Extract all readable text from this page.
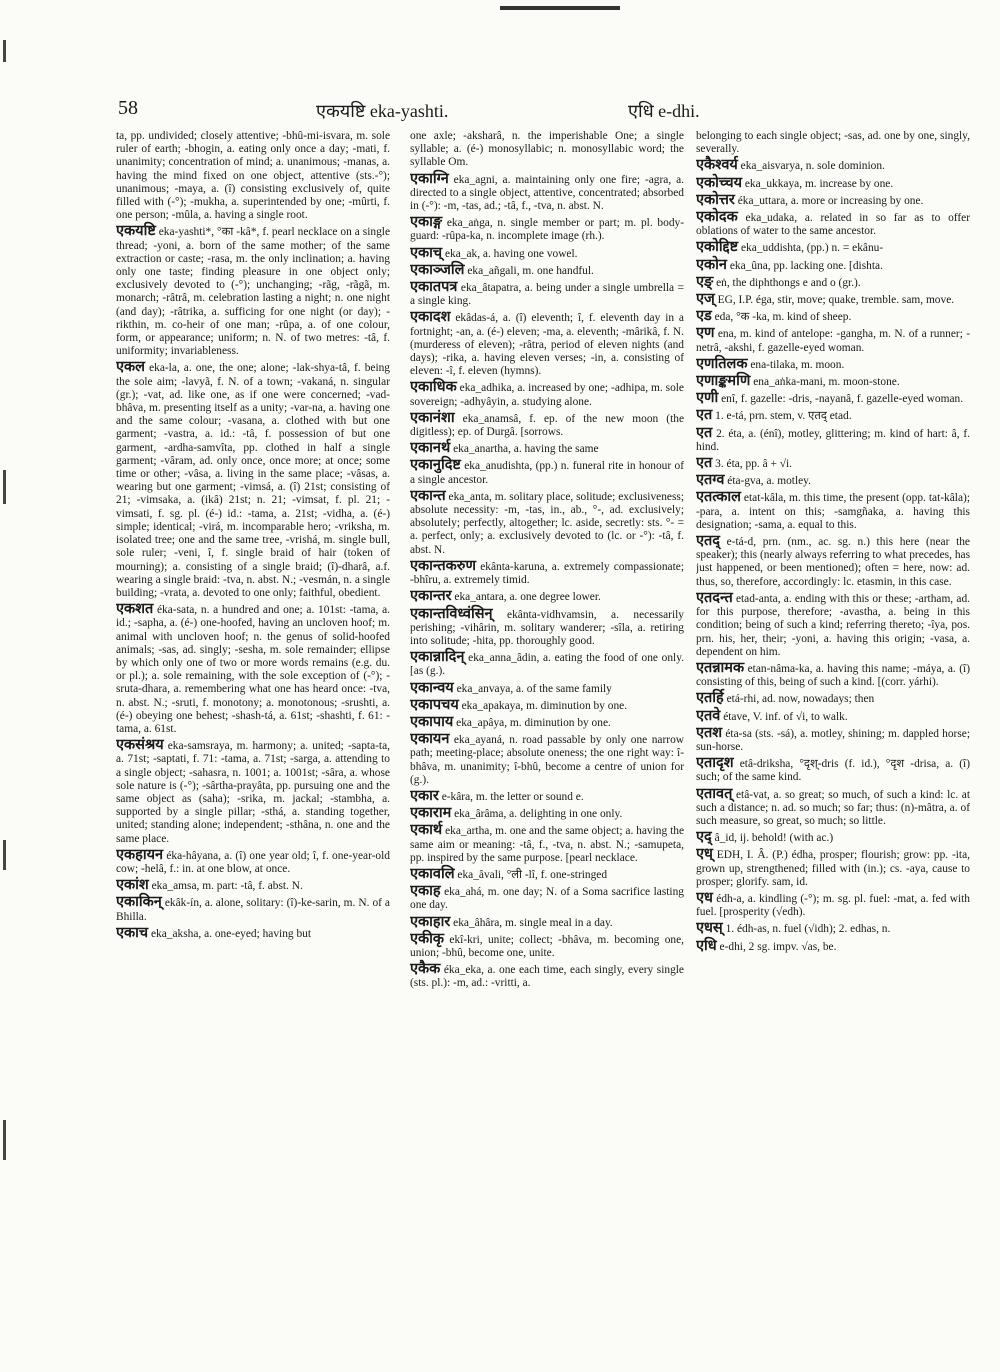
58	एकयष्टि eka-yashti.	एधि e-dhi.
ta, pp. undivided; closely attentive; -bhû-mi-isvara, m. sole ruler of earth; -bhogin, a. eating only once a day; -mati, f. unanimity; concentration of mind; a. unanimous; -manas, a. having the mind fixed on one object, attentive (sts.-°); unanimous; -maya, a. (î) consisting exclusively of, quite filled with (-°); -mukha, a. superintended by one; -mûrti, f. one person; -mûla, a. having a single root.
एकयष्टि eka-yashti*, °का -kâ*, f. pearl necklace on a single thread; -yoni, a. born of the same mother; of the same extraction or caste; -rasa, m. the only inclination; a. having only one taste; finding pleasure in one object only; exclusively devoted to (-°); unchanging; -rãg, -rãgã, m. monarch; -râtrâ, m. celebration lasting a night; n. one night (and day); -râtrika, a. sufficing for one night (or day); -rikthin, m. co-heir of one man; -rûpa, a. of one colour, form, or appearance; uniform; n. N. of two metres: -tâ, f. uniformity; invariableness.
एकल eka-la, a. one, the one; alone; -lak-shya-tâ, f. being the sole aim; -lavyã, f. N. of a town; -vakaná, n. singular (gr.); -vat, ad. like one, as if one were concerned; -vad-bhâva, m. presenting itself as a unity; -var-na, a. having one and the same colour; -vasana, a. clothed with but one garment; -vastra, a. id.: -tâ, f. possession of but one garment, -ardha-samvîta, pp. clothed in half a single garment; -vâram, ad. only once, once more; at once; some time or other; -vâsa, a. living in the same place; -vâsas, a. wearing but one garment; -vimsá, a. (î) 21st; consisting of 21; -vimsaka, a. (ikâ) 21st; n. 21; -vimsat, f. pl. 21; -vimsati, f. sg. pl. (é-) id.: -tama, a. 21st; -vidha, a. (é-) simple; identical; -virá, m. incomparable hero; -vriksha, m. isolated tree; one and the same tree, -vrishá, m. single bull, sole ruler; -veni, î, f. single braid of hair (token of mourning); a. consisting of a single braid; (î)-dharâ, a.f. wearing a single braid: -tva, n. abst. N.; -vesmán, n. a single building; -vrata, a. devoted to one only; faithful, obedient.
एकशत éka-sata, n. a hundred and one; a. 101st: -tama, a. id.; -sapha, a. (é-) one-hoofed, having an uncloven hoof; m. animal with uncloven hoof; n. the genus of solid-hoofed animals; -sas, ad. singly; -sesha, m. sole remainder; ellipse by which only one of two or more words remains (e.g. du. or pl.); a. sole remaining, with the sole exception of (-°); -sruta-dhara, a. remembering what one has heard once: -tva, n. abst. N.; -sruti, f. monotony; a. monotonous; -srushti, a. (é-) obeying one behest; -shash-tá, a. 61st; -shashti, f. 61: -tama, a. 61st.
एकसंश्रय eka-samsraya, m. harmony; a. united; -sapta-ta, a. 71st; -saptati, f. 71: -tama, a. 71st; -sarga, a. attending to a single object; -sahasra, n. 1001; a. 1001st; -sâra, a. whose sole nature is (-°); -sârtha-prayâta, pp. pursuing one and the same object as (saha); -srika, m. jackal; -stambha, a. supported by a single pillar; -sthá, a. standing together, united; standing alone; independent; -sthâna, n. one and the same place.
एकहायन éka-hâyana, a. (î) one year old; î, f. one-year-old cow; -helâ, f.: in. at one blow, at once.
एकांश eka_amsa, m. part: -tâ, f. abst. N.
एकाकिन् ekâk-ín, a. alone, solitary: (î)-ke-sarin, m. N. of a Bhilla.
एकाच eka_aksha, a. one-eyed; having but
one axle; -aksharâ, n. the imperishable One; a single syllable; a. (é-) monosyllabic; n. monosyllabic word; the syllable Om.
एकाग्नि eka_agni, a. maintaining only one fire; -agra, a. directed to a single object, attentive, concentrated; absorbed in (-°): -m, -tas, ad.; -tâ, f., -tva, n. abst. N.
एकाङ्ग eka_aṅga, n. single member or part; m. pl. body-guard: -rûpa-ka, n. incomplete image (rh.).
एकाच् eka_ak, a. having one vowel.
एकाञ्जलि eka_añgali, m. one handful.
एकातपत्र eka_âtapatra, a. being under a single umbrella = a single king.
एकादश ekâdas-á, a. (î) eleventh; î, f. eleventh day in a fortnight; -an, a. (é-) eleven; -ma, a. eleventh; -mârikâ, f. N. (murderess of eleven); -râtra, period of eleven nights (and days); -rika, a. having eleven verses; -in, a. consisting of eleven: -î, f. eleven (hymns).
एकाधिक eka_adhika, a. increased by one; -adhipa, m. sole sovereign; -adhyâyin, a. studying alone.
एकानंशा eka_anamsâ, f. ep. of the new moon (the digitless); ep. of Durgâ. [sorrows.
एकानर्थ eka_anartha, a. having the same
एकानुदिष्ट eka_anudishta, (pp.) n. funeral rite in honour of a single ancestor.
एकान्त eka_anta, m. solitary place, solitude; exclusiveness; absolute necessity: -m, -tas, in., ab., °-, ad. exclusively; absolutely; perfectly, altogether; lc. aside, secretly: sts. °- = a. perfect, only; a. exclusively devoted to (lc. or -°): -tâ, f. abst. N.
एकान्तकरुण ekânta-karuna, a. extremely compassionate; -bhîru, a. extremely timid.
एकान्तर eka_antara, a. one degree lower.
एकान्तविध्वंसिन् ekânta-vidhvamsin, a. necessarily perishing; -vihârin, m. solitary wanderer; -sîla, a. retiring into solitude; -hita, pp. thoroughly good.
एकान्नादिन् eka_anna_âdin, a. eating the food of one only. [as (g.).
एकान्वय eka_anvaya, a. of the same family
एकापचय eka_apakaya, m. diminution by one.
एकापाय eka_apâya, m. diminution by one.
एकायन eka_ayaná, n. road passable by only one narrow path; meeting-place; absolute oneness; the one right way: î-bhâva, m. unanimity; î-bhû, become a centre of union for (g.).
एकार e-kâra, m. the letter or sound e.
एकाराम eka_ârâma, a. delighting in one only.
एकार्थ eka_artha, m. one and the same object; a. having the same aim or meaning: -tâ, f., -tva, n. abst. N.; -samupeta, pp. inspired by the same purpose. [pearl necklace.
एकावलि eka_âvali, °ली -lî, f. one-stringed
एकाह eka_ahá, m. one day; N. of a Soma sacrifice lasting one day.
एकाहार eka_âhâra, m. single meal in a day.
एकीकृ ekî-kri, unite; collect; -bhâva, m. becoming one, union; -bhû, become one, unite.
एकैक éka_eka, a. one each time, each singly, every single (sts. pl.): -m, ad.: -vritti, a.
belonging to each single object; -sas, ad. one by one, singly, severally.
एकैश्वर्य eka_aisvarya, n. sole dominion.
एकोच्चय eka_ukkaya, m. increase by one.
एकोत्तर éka_uttara, a. more or increasing by one.
एकोदक eka_udaka, a. related in so far as to offer oblations of water to the same ancestor.
एकोद्दिष्ट eka_uddishta, (pp.) n. = ekânu-
एकोन eka_ûna, pp. lacking one. [dishta.
एङ् eṅ, the diphthongs e and o (gr.).
एज् EG, I.P. éga, stir, move; quake, tremble. sam, move.
एड eda, °क -ka, m. kind of sheep.
एण ena, m. kind of antelope: -gangha, m. N. of a runner; -netrâ, -akshi, f. gazelle-eyed woman.
एणतिलक ena-tilaka, m. moon.
एणाङ्कमणि ena_aṅka-mani, m. moon-stone.
एणी enî, f. gazelle: -dris, -nayanâ, f. gazelle-eyed woman.
एत 1. e-tá, prn. stem, v. एतद् etad.
एत 2. éta, a. (énî), motley, glittering; m. kind of hart: â, f. hind.
एत 3. éta, pp. â + √i.
एतग्व éta-gva, a. motley.
एतत्काल etat-kâla, m. this time, the present (opp. tat-kâla); -para, a. intent on this; -samgñaka, a. having this designation; -sama, a. equal to this.
एतद् e-tá-d, prn. (nm., ac. sg. n.) this here (near the speaker); this (nearly always referring to what precedes, has just happened, or been mentioned); often = here, now: ad. thus, so, therefore, accordingly: lc. etasmin, in this case.
एतदन्त etad-anta, a. ending with this or these; -artham, ad. for this purpose, therefore; -avastha, a. being in this condition; being of such a kind; referring thereto; -îya, pos. prn. his, her, their; -yoni, a. having this origin; -vasa, a. dependent on him.
एतन्नामक etan-nâma-ka, a. having this name; -máya, a. (î) consisting of this, being of such a kind. [(corr. yárhi).
एतर्हि etá-rhi, ad. now, nowadays; then
एतवे étave, V. inf. of √i, to walk.
एतश éta-sa (sts. -sá), a. motley, shining; m. dappled horse; sun-horse.
एतादृश etâ-driksha, °दृश्-dris (f. id.), °दृश -drisa, a. (î) such; of the same kind.
एतावत् etâ-vat, a. so great; so much, of such a kind: lc. at such a distance; n. ad. so much; so far; thus: (n)-mâtra, a. of such measure, so great, so much; so little.
एद् â_id, ij. behold! (with ac.)
एध् EDH, I. Â. (P.) édha, prosper; flourish; grow: pp. -ita, grown up, strengthened; filled with (in.); cs. -aya, cause to prosper; glorify. sam, id.
एध édh-a, a. kindling (-°); m. sg. pl. fuel: -mat, a. fed with fuel. [prosperity (√edh).
एधस् 1. édh-as, n. fuel (√idh); 2. edhas, n.
एधि e-dhi, 2 sg. impv. √as, be.
